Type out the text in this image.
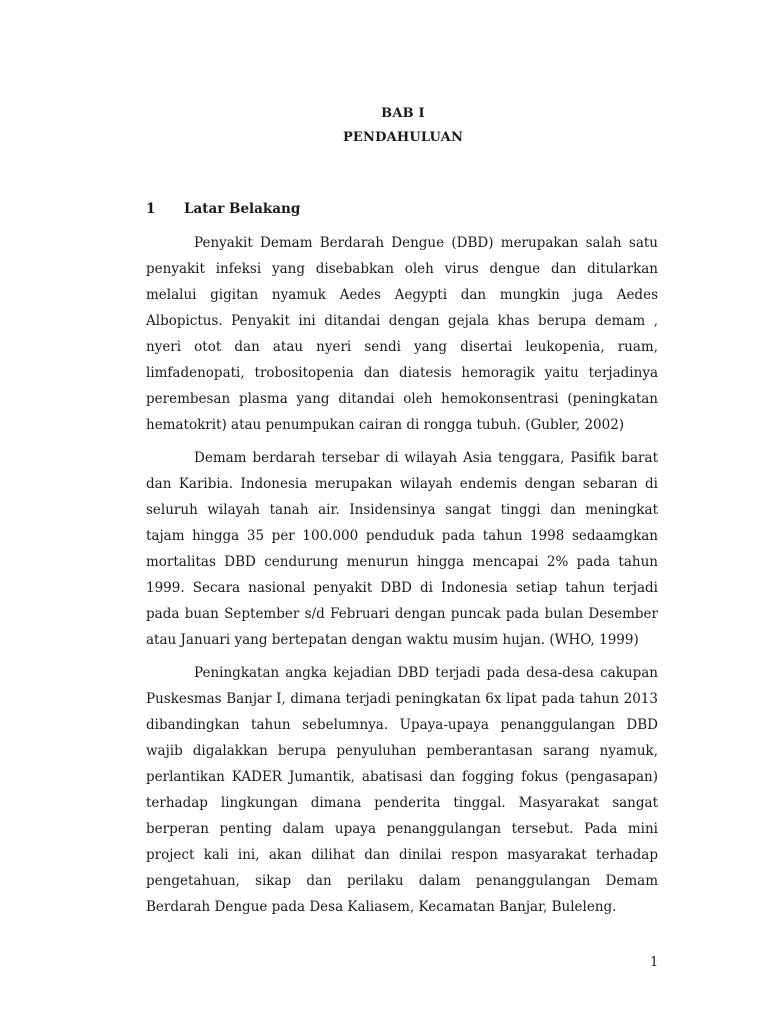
BAB I
PENDAHULUAN
1	Latar Belakang

Penyakit Demam Berdarah Dengue (DBD) merupakan salah satu penyakit infeksi yang disebabkan oleh virus dengue dan ditularkan melalui gigitan nyamuk Aedes Aegypti dan mungkin juga Aedes Albopictus. Penyakit ini ditandai dengan gejala khas berupa demam , nyeri otot dan atau nyeri sendi yang disertai leukopenia, ruam, limfadenopati, trobositopenia dan diatesis hemoragik yaitu terjadinya perembesan plasma yang ditandai oleh hemokonsentrasi (peningkatan hematokrit) atau penumpukan cairan di rongga tubuh. (Gubler, 2002)

Demam berdarah tersebar di wilayah Asia tenggara, Pasifik barat dan Karibia. Indonesia merupakan wilayah endemis dengan sebaran di seluruh wilayah tanah air. Insidensinya sangat tinggi dan meningkat tajam hingga 35 per 100.000 penduduk pada tahun 1998 sedaamgkan mortalitas DBD cendurung menurun hingga mencapai 2% pada tahun 1999. Secara nasional penyakit DBD di Indonesia setiap tahun terjadi pada buan September s/d Februari dengan puncak pada bulan Desember atau Januari yang bertepatan dengan waktu musim hujan. (WHO, 1999)

Peningkatan angka kejadian DBD terjadi pada desa-desa cakupan Puskesmas Banjar I, dimana terjadi peningkatan 6x lipat pada tahun 2013 dibandingkan tahun sebelumnya. Upaya-upaya penanggulangan DBD wajib digalakkan berupa penyuluhan pemberantasan sarang nyamuk, perlantikan KADER Jumantik, abatisasi dan fogging fokus (pengasapan) terhadap lingkungan dimana penderita tinggal. Masyarakat sangat berperan penting dalam upaya penanggulangan tersebut. Pada mini project kali ini, akan dilihat dan dinilai respon masyarakat terhadap pengetahuan, sikap dan perilaku dalam penanggulangan Demam Berdarah Dengue pada Desa Kaliasem, Kecamatan Banjar, Buleleng.

1
